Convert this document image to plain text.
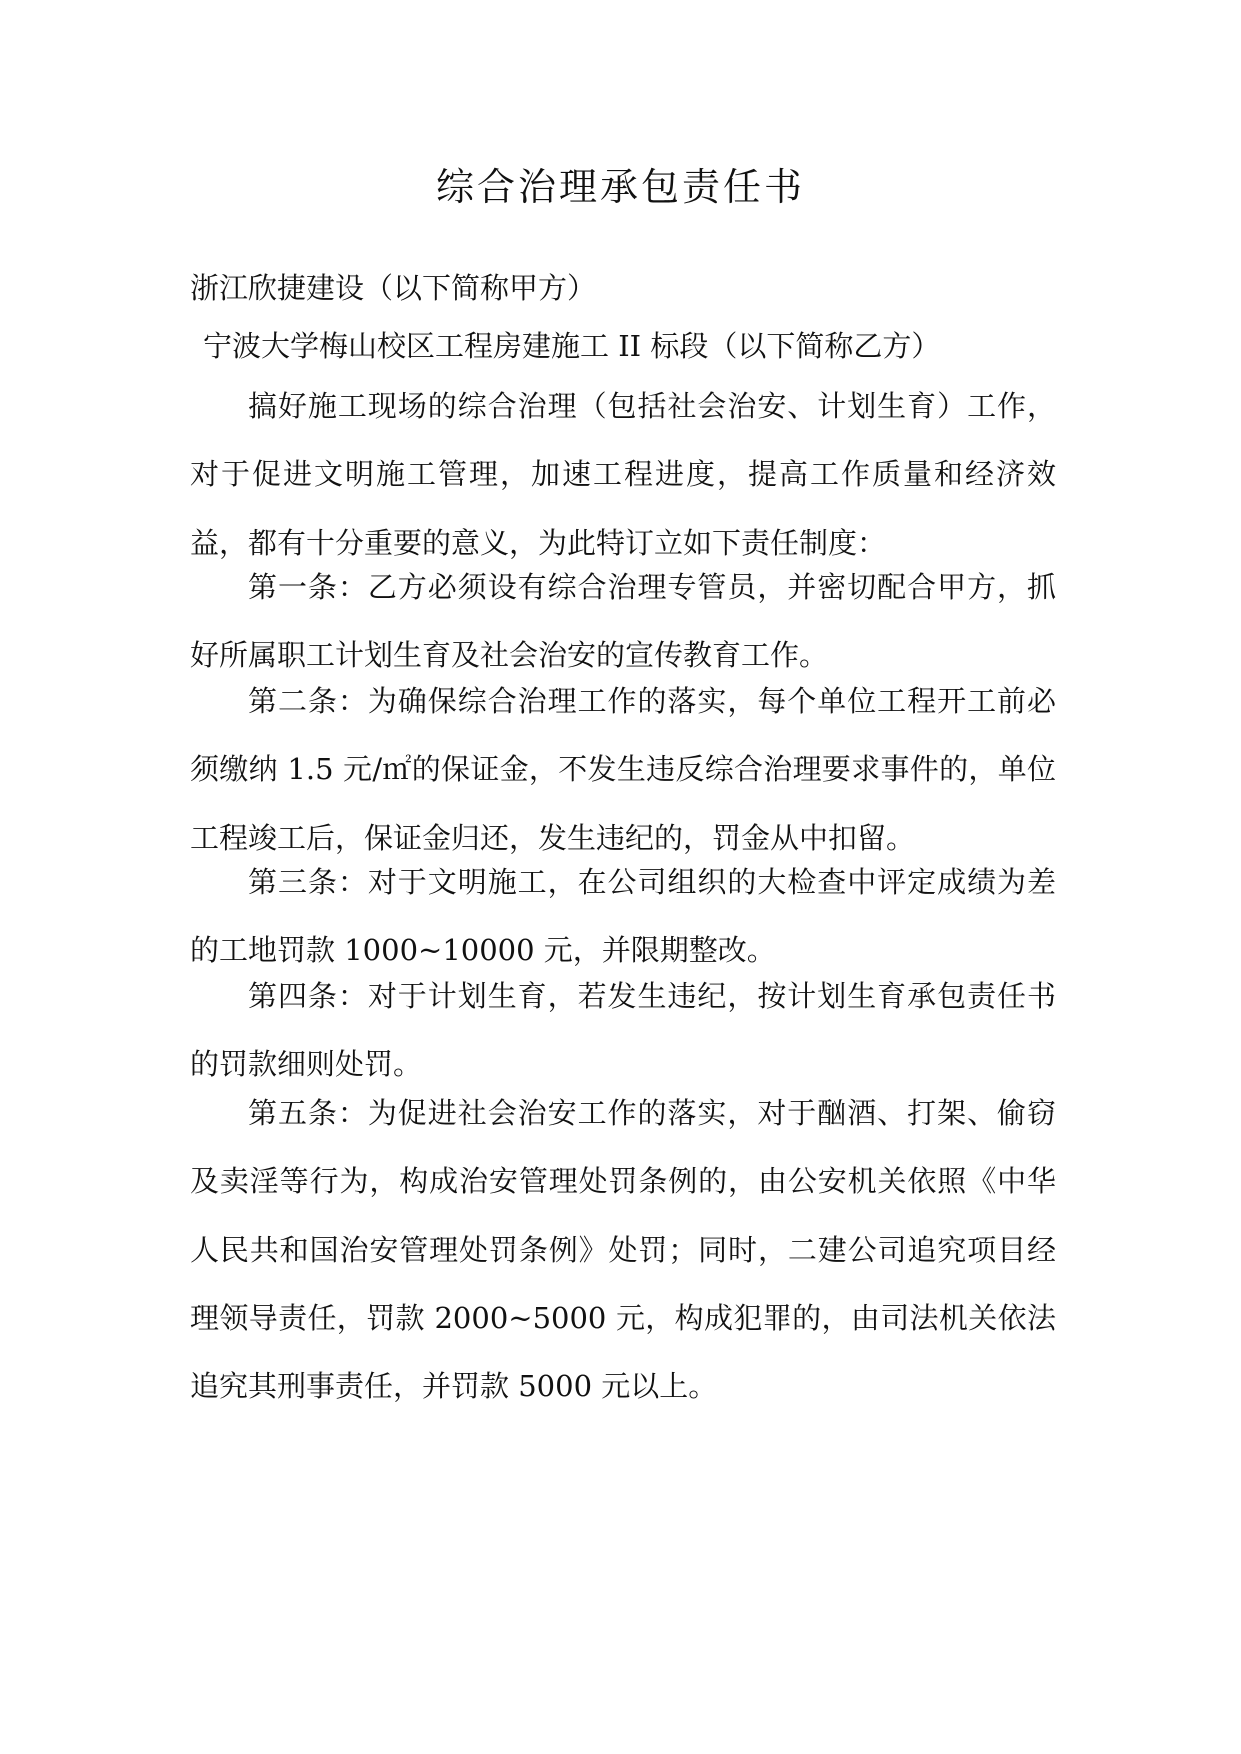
综合治理承包责任书

浙江欣捷建设（以下简称甲方）

宁波大学梅山校区工程房建施工 II 标段（以下简称乙方）

搞好施工现场的综合治理（包括社会治安、计划生育）工作，对于促进文明施工管理，加速工程进度，提高工作质量和经济效益，都有十分重要的意义，为此特订立如下责任制度：

第一条：乙方必须设有综合治理专管员，并密切配合甲方，抓好所属职工计划生育及社会治安的宣传教育工作。

第二条：为确保综合治理工作的落实，每个单位工程开工前必须缴纳 1.5 元/㎡的保证金，不发生违反综合治理要求事件的，单位工程竣工后，保证金归还，发生违纪的，罚金从中扣留。

第三条：对于文明施工，在公司组织的大检查中评定成绩为差的工地罚款 1000~10000 元，并限期整改。

第四条：对于计划生育，若发生违纪，按计划生育承包责任书的罚款细则处罚。

第五条：为促进社会治安工作的落实，对于酗酒、打架、偷窃及卖淫等行为，构成治安管理处罚条例的，由公安机关依照《中华人民共和国治安管理处罚条例》处罚；同时，二建公司追究项目经理领导责任，罚款 2000~5000 元，构成犯罪的，由司法机关依法追究其刑事责任，并罚款 5000 元以上。
